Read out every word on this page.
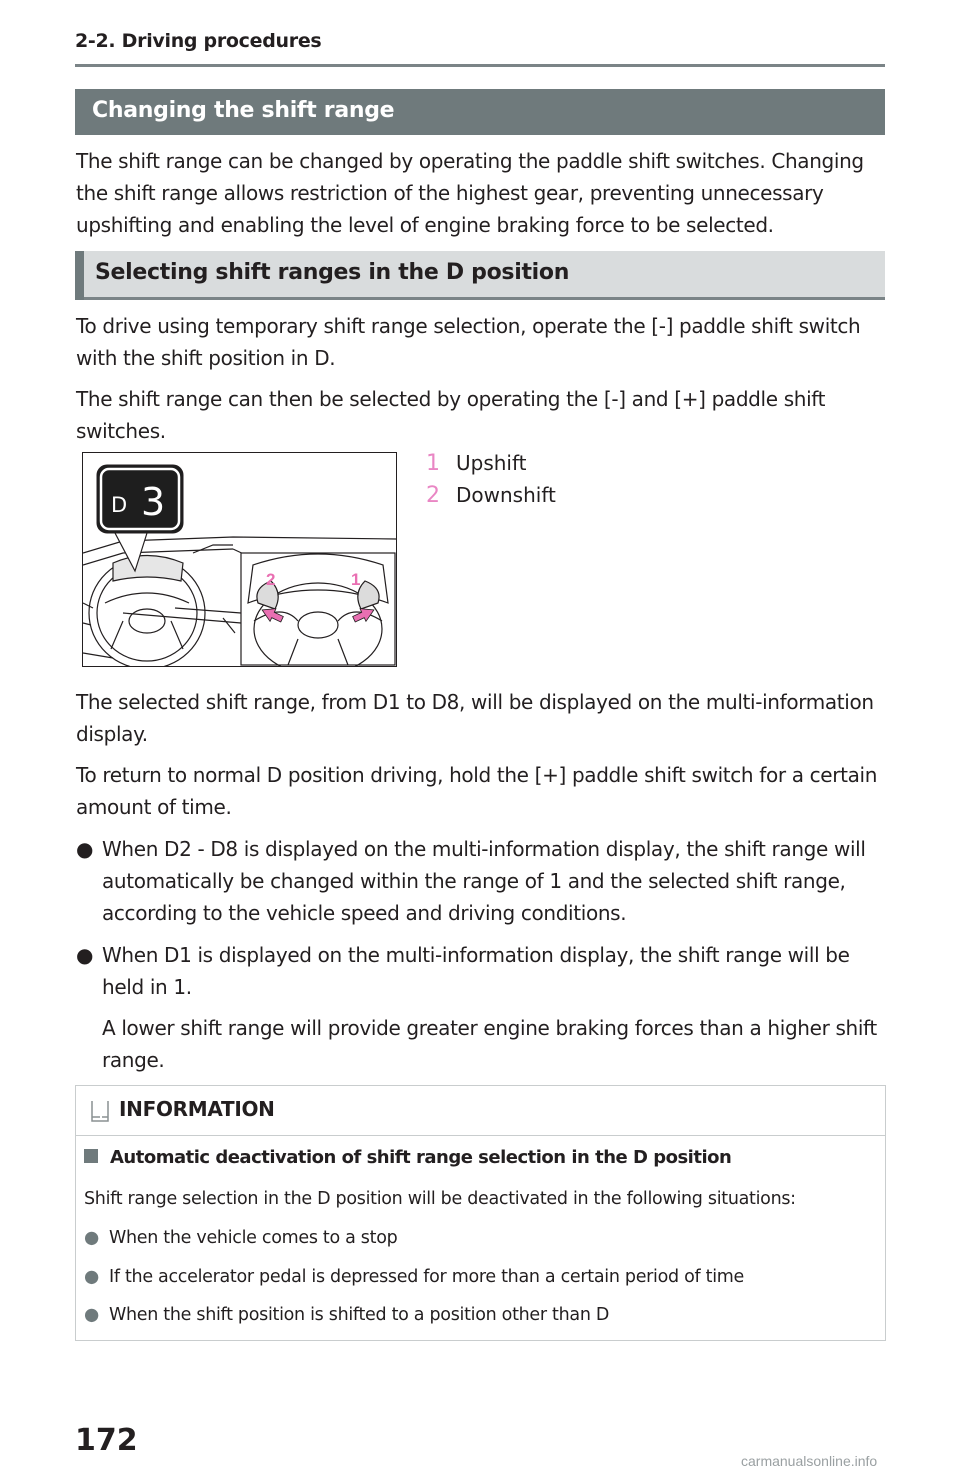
2-2. Driving procedures
Changing the shift range
The shift range can be changed by operating the paddle shift switches. Changing the shift range allows restriction of the highest gear, preventing unnecessary upshifting and enabling the level of engine braking force to be selected.
Selecting shift ranges in the D position
To drive using temporary shift range selection, operate the [-] paddle shift switch with the shift position in D.
The shift range can then be selected by operating the [-] and [+] paddle shift switches.
2	1
D 3
1 Upshift
2 Downshift
The selected shift range, from D1 to D8, will be displayed on the multi-information display.
To return to normal D position driving, hold the [+] paddle shift switch for a certain amount of time.
● When D2 - D8 is displayed on the multi-information display, the shift range will automatically be changed within the range of 1 and the selected shift range, according to the vehicle speed and driving conditions.
● When D1 is displayed on the multi-information display, the shift range will be held in 1.
A lower shift range will provide greater engine braking forces than a higher shift range.
INFORMATION
Automatic deactivation of shift range selection in the D position
Shift range selection in the D position will be deactivated in the following situations:
● When the vehicle comes to a stop
● If the accelerator pedal is depressed for more than a certain period of time
● When the shift position is shifted to a position other than D
172
carmanualsonline.info
